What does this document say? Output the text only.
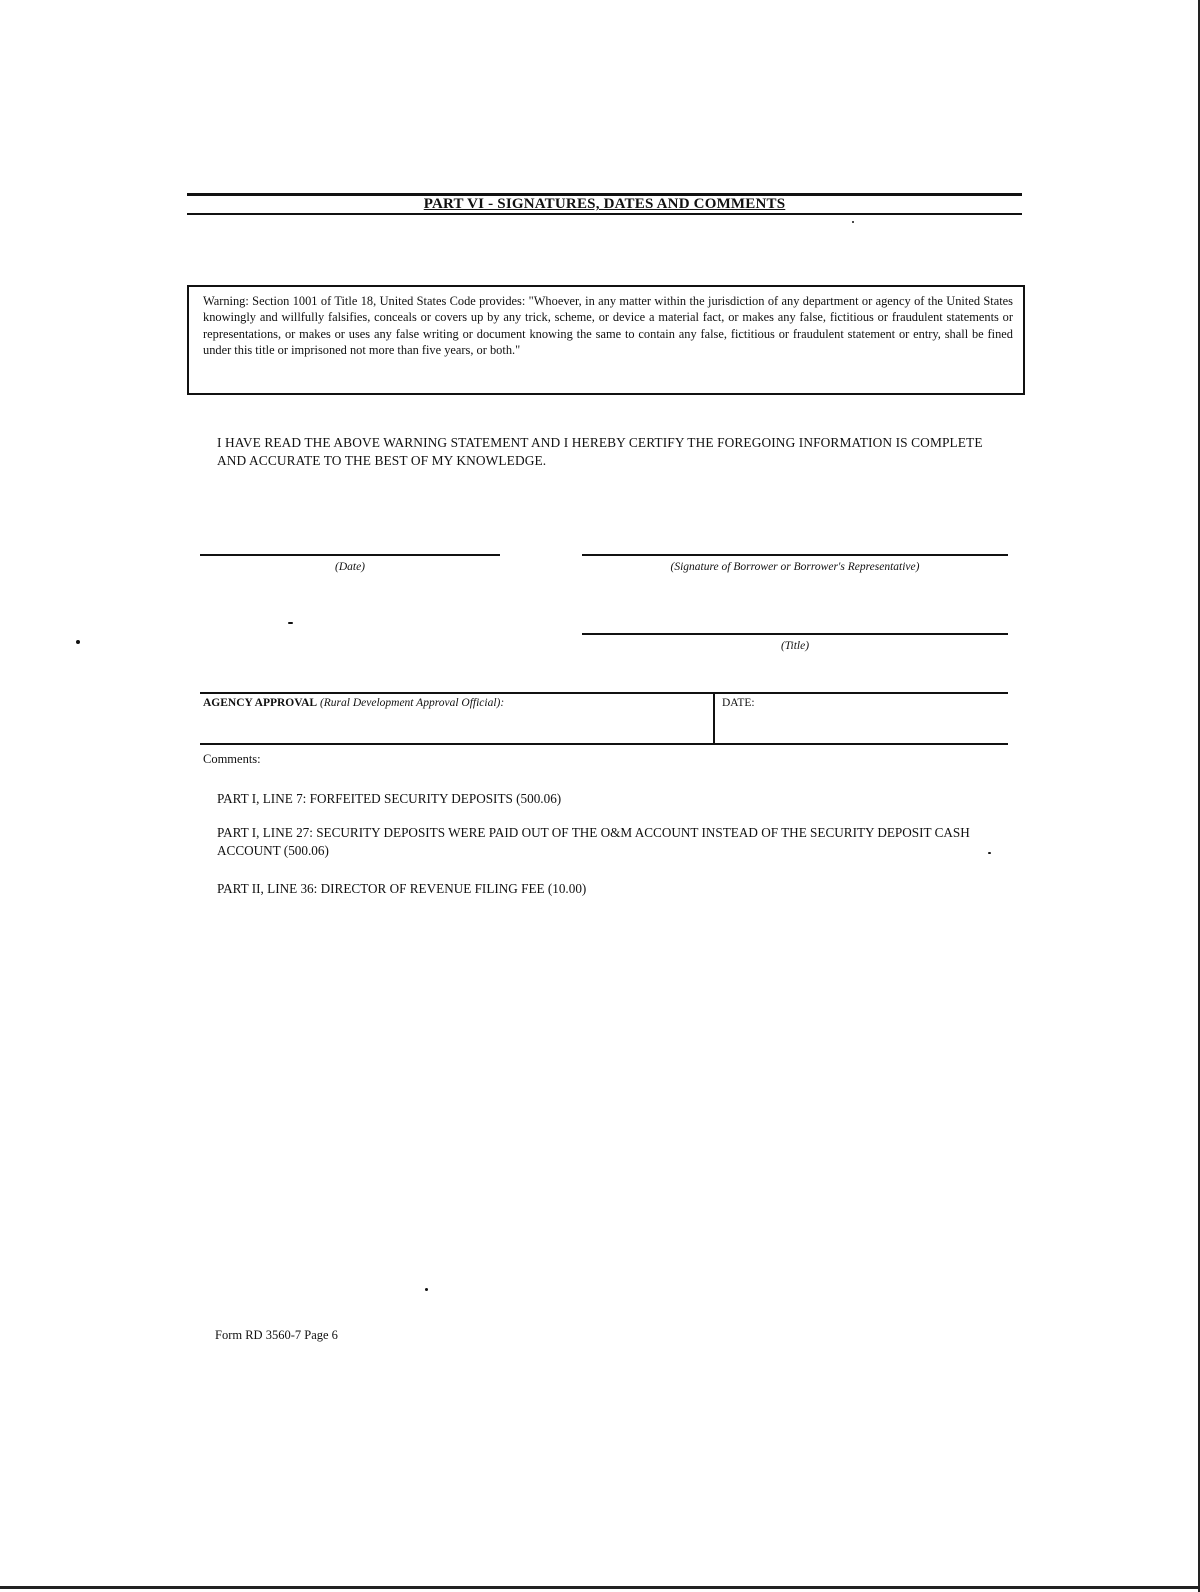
PART VI - SIGNATURES, DATES AND COMMENTS
Warning: Section 1001 of Title 18, United States Code provides: "Whoever, in any matter within the jurisdiction of any department or agency of the United States knowingly and willfully falsifies, conceals or covers up by any trick, scheme, or device a material fact, or makes any false, fictitious or fraudulent statements or representations, or makes or uses any false writing or document knowing the same to contain any false, fictitious or fraudulent statement or entry, shall be fined under this title or imprisoned not more than five years, or both."
I HAVE READ THE ABOVE WARNING STATEMENT AND I HEREBY CERTIFY THE FOREGOING INFORMATION IS COMPLETE AND ACCURATE TO THE BEST OF MY KNOWLEDGE.
(Date)	(Signature of Borrower or Borrower's Representative)
(Title)
AGENCY APPROVAL (Rural Development Approval Official):	DATE:
Comments:
PART I, LINE 7: FORFEITED SECURITY DEPOSITS (500.06)
PART I, LINE 27: SECURITY DEPOSITS WERE PAID OUT OF THE O&M ACCOUNT INSTEAD OF THE SECURITY DEPOSIT CASH ACCOUNT (500.06)
PART II, LINE 36: DIRECTOR OF REVENUE FILING FEE (10.00)
Form RD 3560-7 Page 6
